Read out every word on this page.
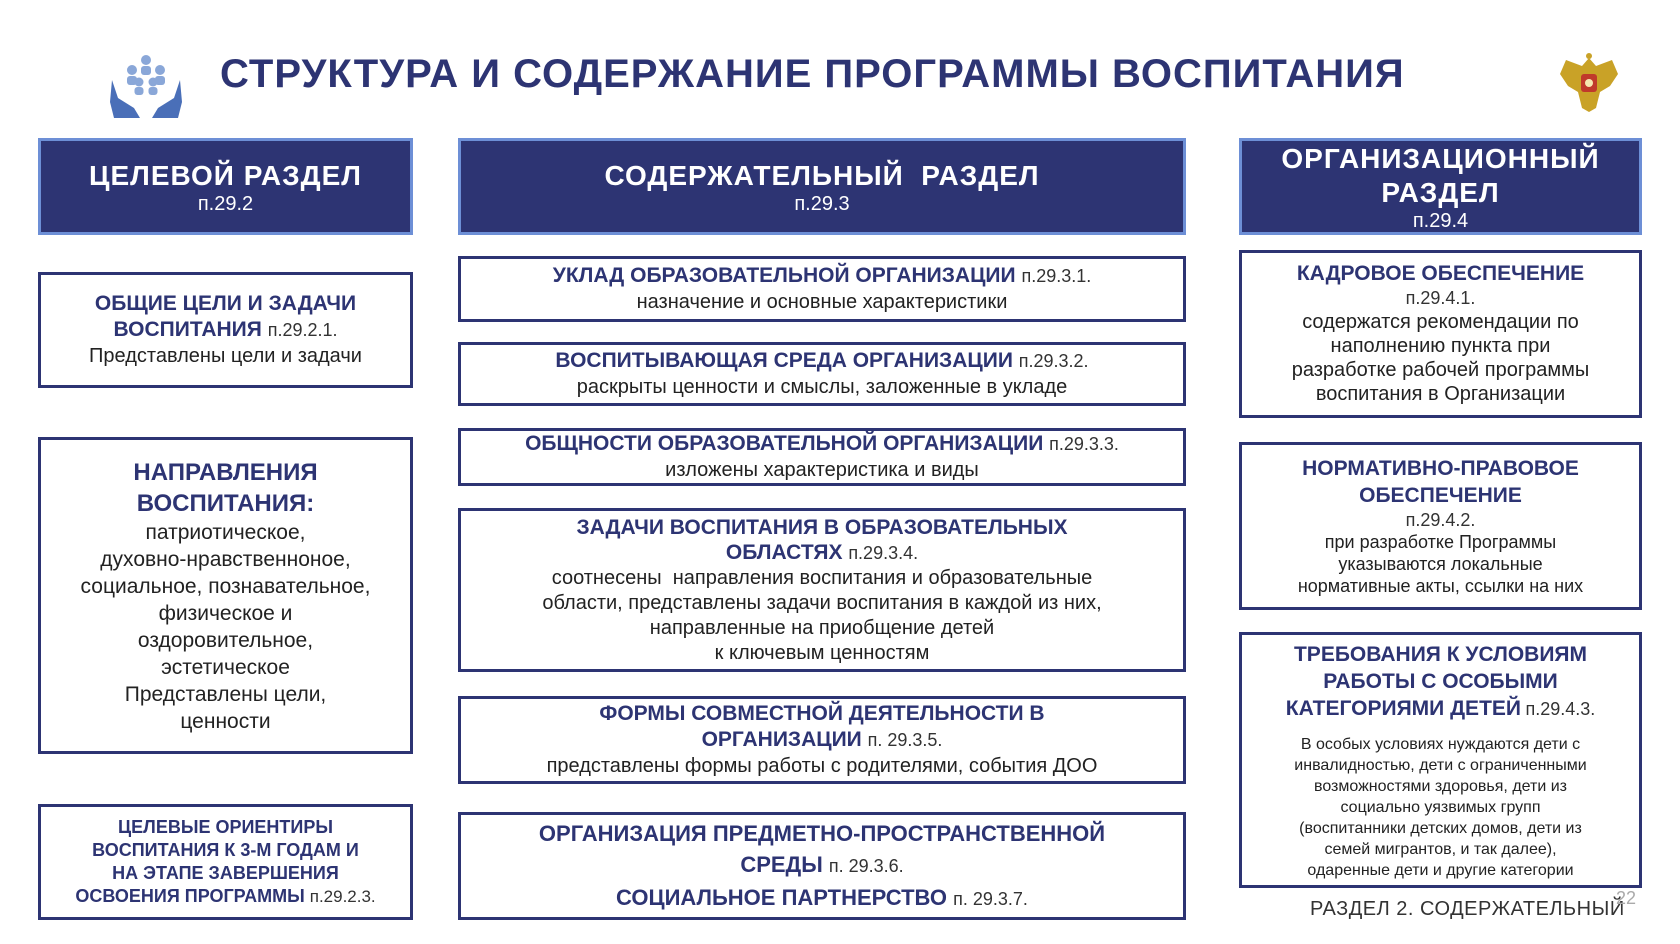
СТРУКТУРА И СОДЕРЖАНИЕ ПРОГРАММЫ ВОСПИТАНИЯ
ЦЕЛЕВОЙ РАЗДЕЛ
п.29.2
СОДЕРЖАТЕЛЬНЫЙ  РАЗДЕЛ
п.29.3
ОРГАНИЗАЦИОННЫЙ
РАЗДЕЛ
п.29.4
ОБЩИЕ ЦЕЛИ И ЗАДАЧИ
ВОСПИТАНИЯ п.29.2.1.
Представлены цели и задачи
НАПРАВЛЕНИЯ
ВОСПИТАНИЯ:
патриотическое,
духовно-нравственноное,
социальное, познавательное,
физическое и
оздоровительное,
эстетическое
Представлены цели,
ценности
ЦЕЛЕВЫЕ ОРИЕНТИРЫ
ВОСПИТАНИЯ К 3-М ГОДАМ И
НА ЭТАПЕ ЗАВЕРШЕНИЯ
ОСВОЕНИЯ ПРОГРАММЫ п.29.2.3.
УКЛАД ОБРАЗОВАТЕЛЬНОЙ ОРГАНИЗАЦИИ п.29.3.1.
назначение и основные характеристики
ВОСПИТЫВАЮЩАЯ СРЕДА ОРГАНИЗАЦИИ п.29.3.2.
раскрыты ценности и смыслы, заложенные в укладе
ОБЩНОСТИ ОБРАЗОВАТЕЛЬНОЙ ОРГАНИЗАЦИИ п.29.3.3.
изложены характеристика и виды
ЗАДАЧИ ВОСПИТАНИЯ В ОБРАЗОВАТЕЛЬНЫХ
ОБЛАСТЯХ п.29.3.4.
соотнесены  направления воспитания и образовательные
области, представлены задачи воспитания в каждой из них,
направленные на приобщение детей
к ключевым ценностям
ФОРМЫ СОВМЕСТНОЙ ДЕЯТЕЛЬНОСТИ В
ОРГАНИЗАЦИИ п. 29.3.5.
представлены формы работы с родителями, события ДОО
ОРГАНИЗАЦИЯ ПРЕДМЕТНО-ПРОСТРАНСТВЕННОЙ
СРЕДЫ п. 29.3.6.
СОЦИАЛЬНОЕ ПАРТНЕРСТВО п. 29.3.7.
КАДРОВОЕ ОБЕСПЕЧЕНИЕ
п.29.4.1.
содержатся рекомендации по
наполнению пункта при
разработке рабочей программы
воспитания в Организации
НОРМАТИВНО-ПРАВОВОЕ
ОБЕСПЕЧЕНИЕ
п.29.4.2.
при разработке Программы
указываются локальные
нормативные акты, ссылки на них
ТРЕБОВАНИЯ К УСЛОВИЯМ
РАБОТЫ С ОСОБЫМИ
КАТЕГОРИЯМИ ДЕТЕЙ п.29.4.3.
В особых условиях нуждаются дети с
инвалидностью, дети с ограниченными
возможностями здоровья, дети из
социально уязвимых групп
(воспитанники детских домов, дети из
семей мигрантов, и так далее),
одаренные дети и другие категории
РАЗДЕЛ 2. СОДЕРЖАТЕЛЬНЫЙ
22
